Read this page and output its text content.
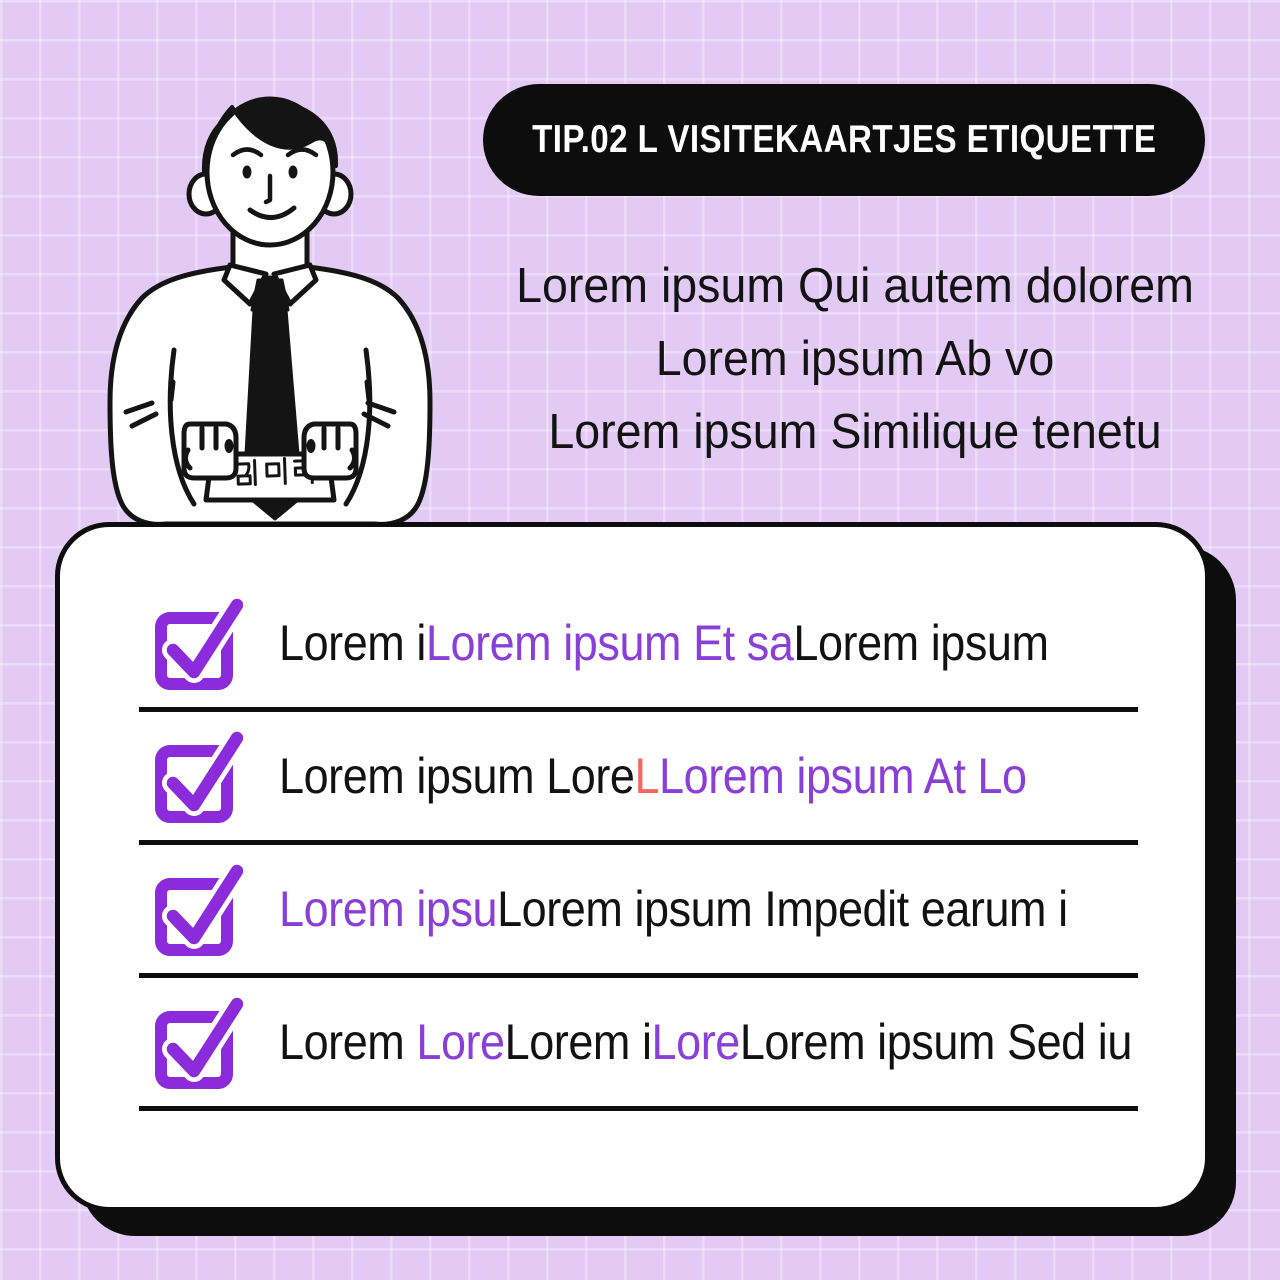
TIP.02 L VISITEKAARTJES ETIQUETTE
Lorem ipsum Qui autem dolorem
Lorem ipsum Ab vo
Lorem ipsum Similique tenetu
Lorem iLorem ipsum Et saLorem ipsum
Lorem ipsum LoreLLorem ipsum At Lo
Lorem ipsuLorem ipsum Impedit earum i
Lorem LoreLorem iLoreLorem ipsum Sed iu
